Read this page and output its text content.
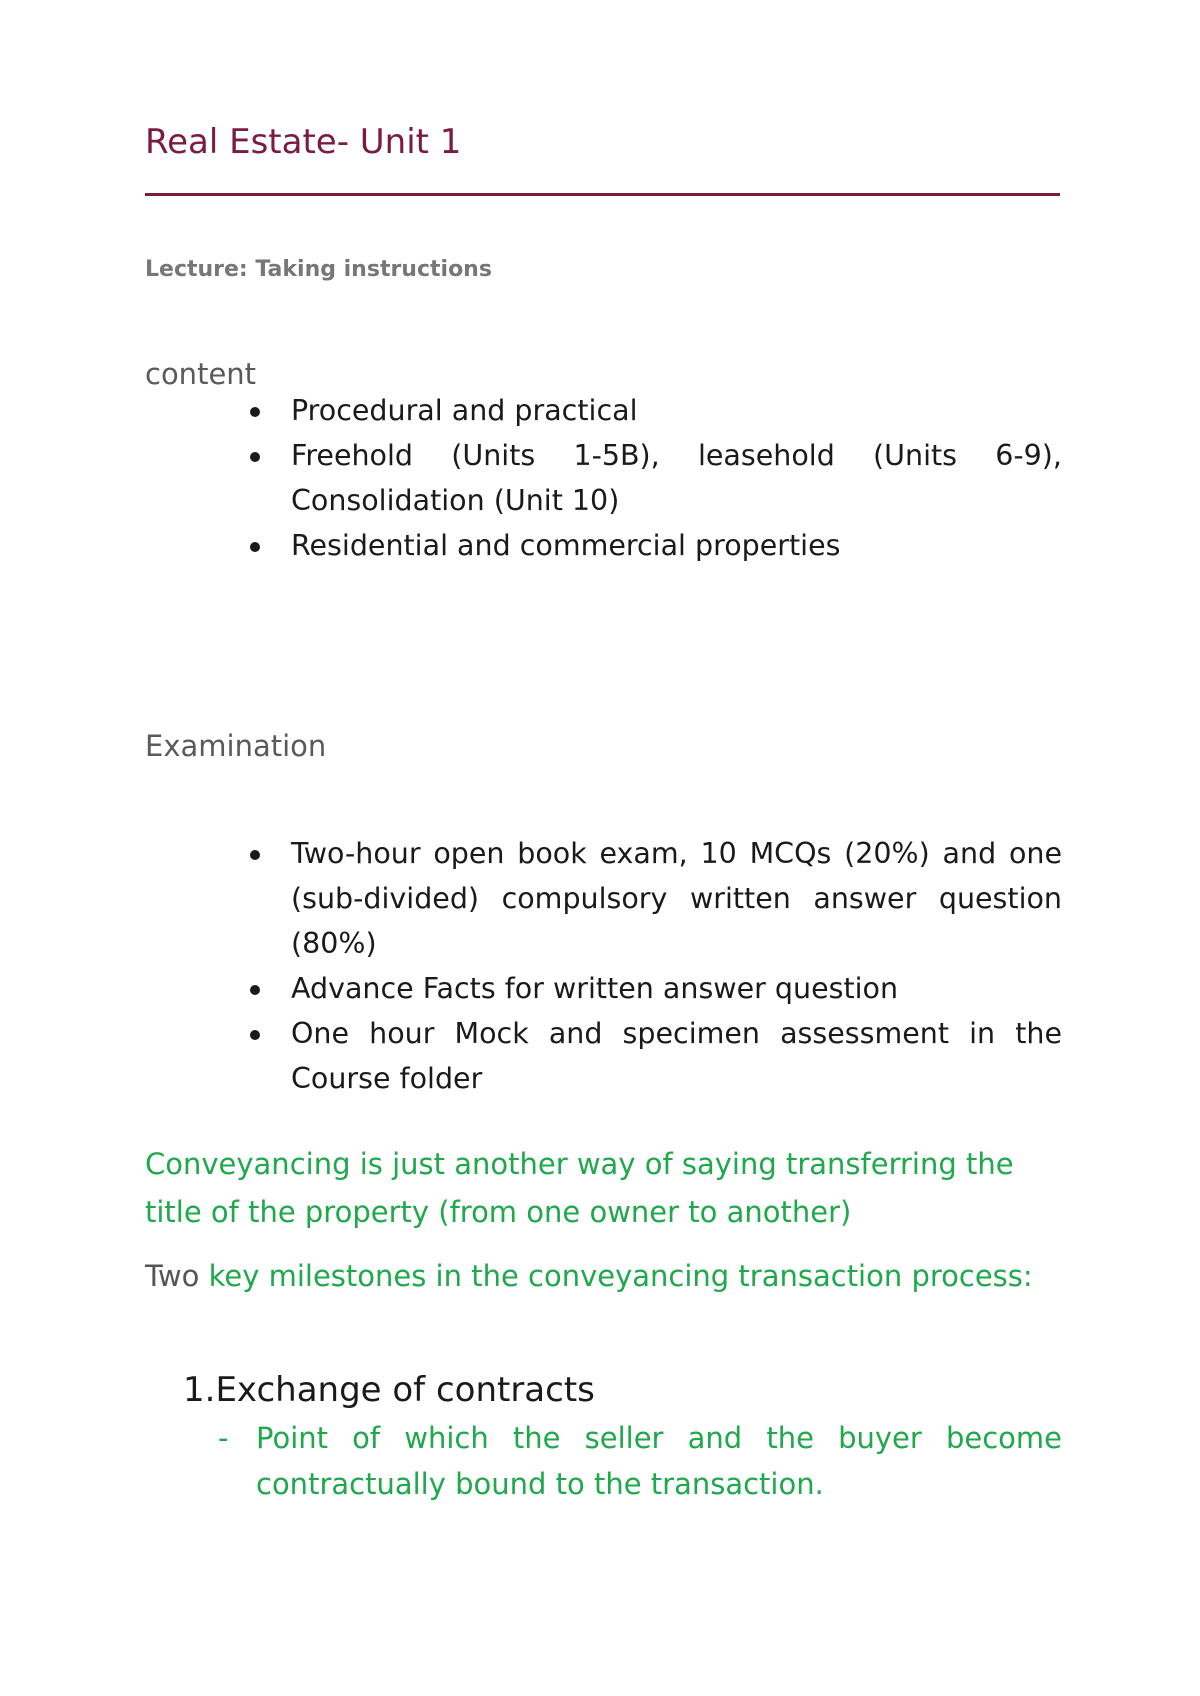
Real Estate- Unit 1
Lecture: Taking instructions
content
Procedural and practical
Freehold (Units 1-5B), leasehold (Units 6-9), Consolidation (Unit 10)
Residential and commercial properties
Examination
Two-hour open book exam, 10 MCQs (20%) and one (sub-divided) compulsory written answer question (80%)
Advance Facts for written answer question
One hour Mock and specimen assessment in the Course folder
Conveyancing is just another way of saying transferring the title of the property (from one owner to another)
Two key milestones in the conveyancing transaction process:
1.Exchange of contracts
- Point of which the seller and the buyer become contractually bound to the transaction.
